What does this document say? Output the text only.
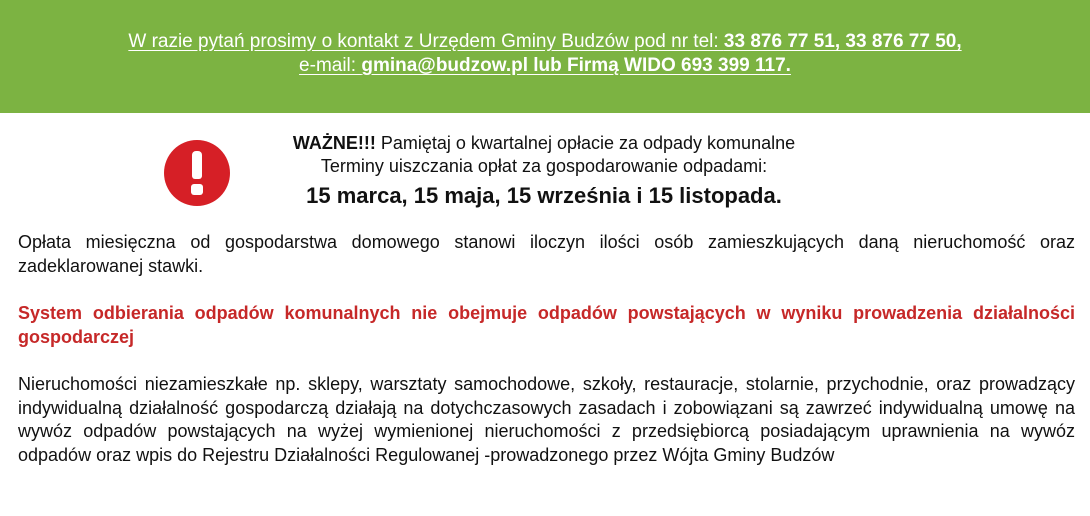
W razie pytań prosimy o kontakt z Urzędem Gminy Budzów pod nr tel: 33 876 77 51, 33 876 77 50,
e-mail: gmina@budzow.pl lub Firmą WIDO 693 399 117.
WAŻNE!!! Pamiętaj o kwartalnej opłacie za odpady komunalne
Terminy uiszczania opłat za gospodarowanie odpadami:
15 marca, 15 maja, 15 września i 15 listopada.

Opłata miesięczna od gospodarstwa domowego stanowi iloczyn ilości osób zamieszkujących daną nieruchomość oraz zadeklarowanej stawki.

System odbierania odpadów komunalnych nie obejmuje odpadów powstających w wyniku prowadzenia działalności gospodarczej

Nieruchomości niezamieszkałe np. sklepy, warsztaty samochodowe, szkoły, restauracje, stolarnie, przychodnie, oraz prowadzący indywidualną działalność gospodarczą działają na dotychczasowych zasadach i zobowiązani są zawrzeć indywidualną umowę na wywóz odpadów powstających na wyżej wymienionej nieruchomości z przedsiębiorcą posiadającym uprawnienia na wywóz odpadów oraz wpis do Rejestru Działalności Regulowanej -prowadzonego przez Wójta Gminy Budzów
